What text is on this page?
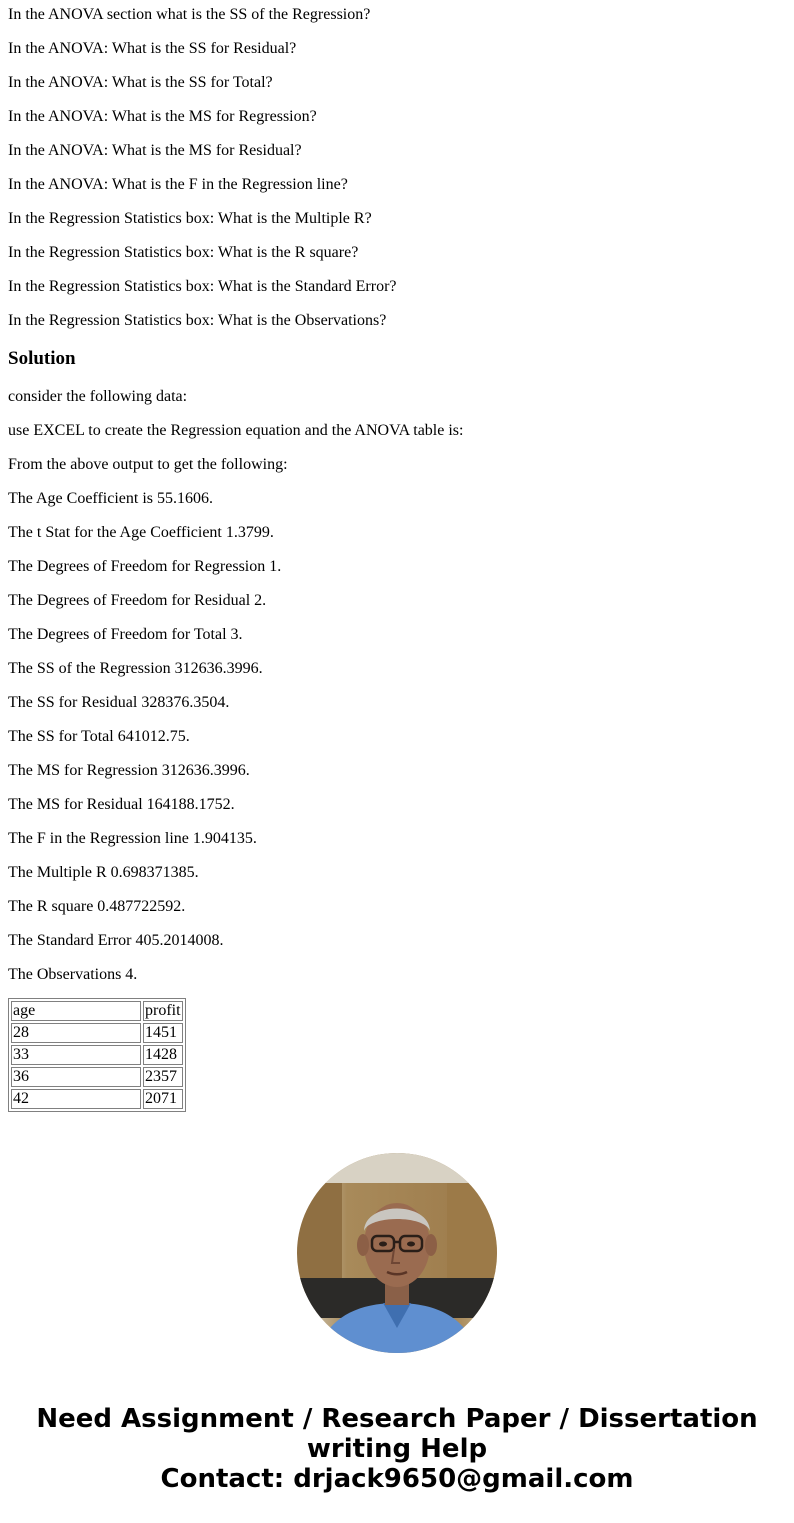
In the ANOVA section what is the SS of the Regression?

In the ANOVA: What is the SS for Residual?

In the ANOVA: What is the SS for Total?

In the ANOVA: What is the MS for Regression?

In the ANOVA: What is the MS for Residual?

In the ANOVA: What is the F in the Regression line?

In the Regression Statistics box: What is the Multiple R?

In the Regression Statistics box: What is the R square?

In the Regression Statistics box: What is the Standard Error?

In the Regression Statistics box: What is the Observations?

Solution

consider the following data:

use EXCEL to create the Regression equation and the ANOVA table is:

From the above output to get the following:

The Age Coefficient is 55.1606.

The t Stat for the Age Coefficient 1.3799.

The Degrees of Freedom for Regression 1.

The Degrees of Freedom for Residual 2.

The Degrees of Freedom for Total 3.

The SS of the Regression 312636.3996.

The SS for Residual 328376.3504.

The SS for Total 641012.75.

The MS for Regression 312636.3996.

The MS for Residual 164188.1752.

The F in the Regression line 1.904135.

The Multiple R 0.698371385.

The R square 0.487722592.

The Standard Error 405.2014008.

The Observations 4.

age	profit
28	1451
33	1428
36	2357
42	2071
Need Assignment / Research Paper / Dissertation
writing Help
Contact: drjack9650@gmail.com
